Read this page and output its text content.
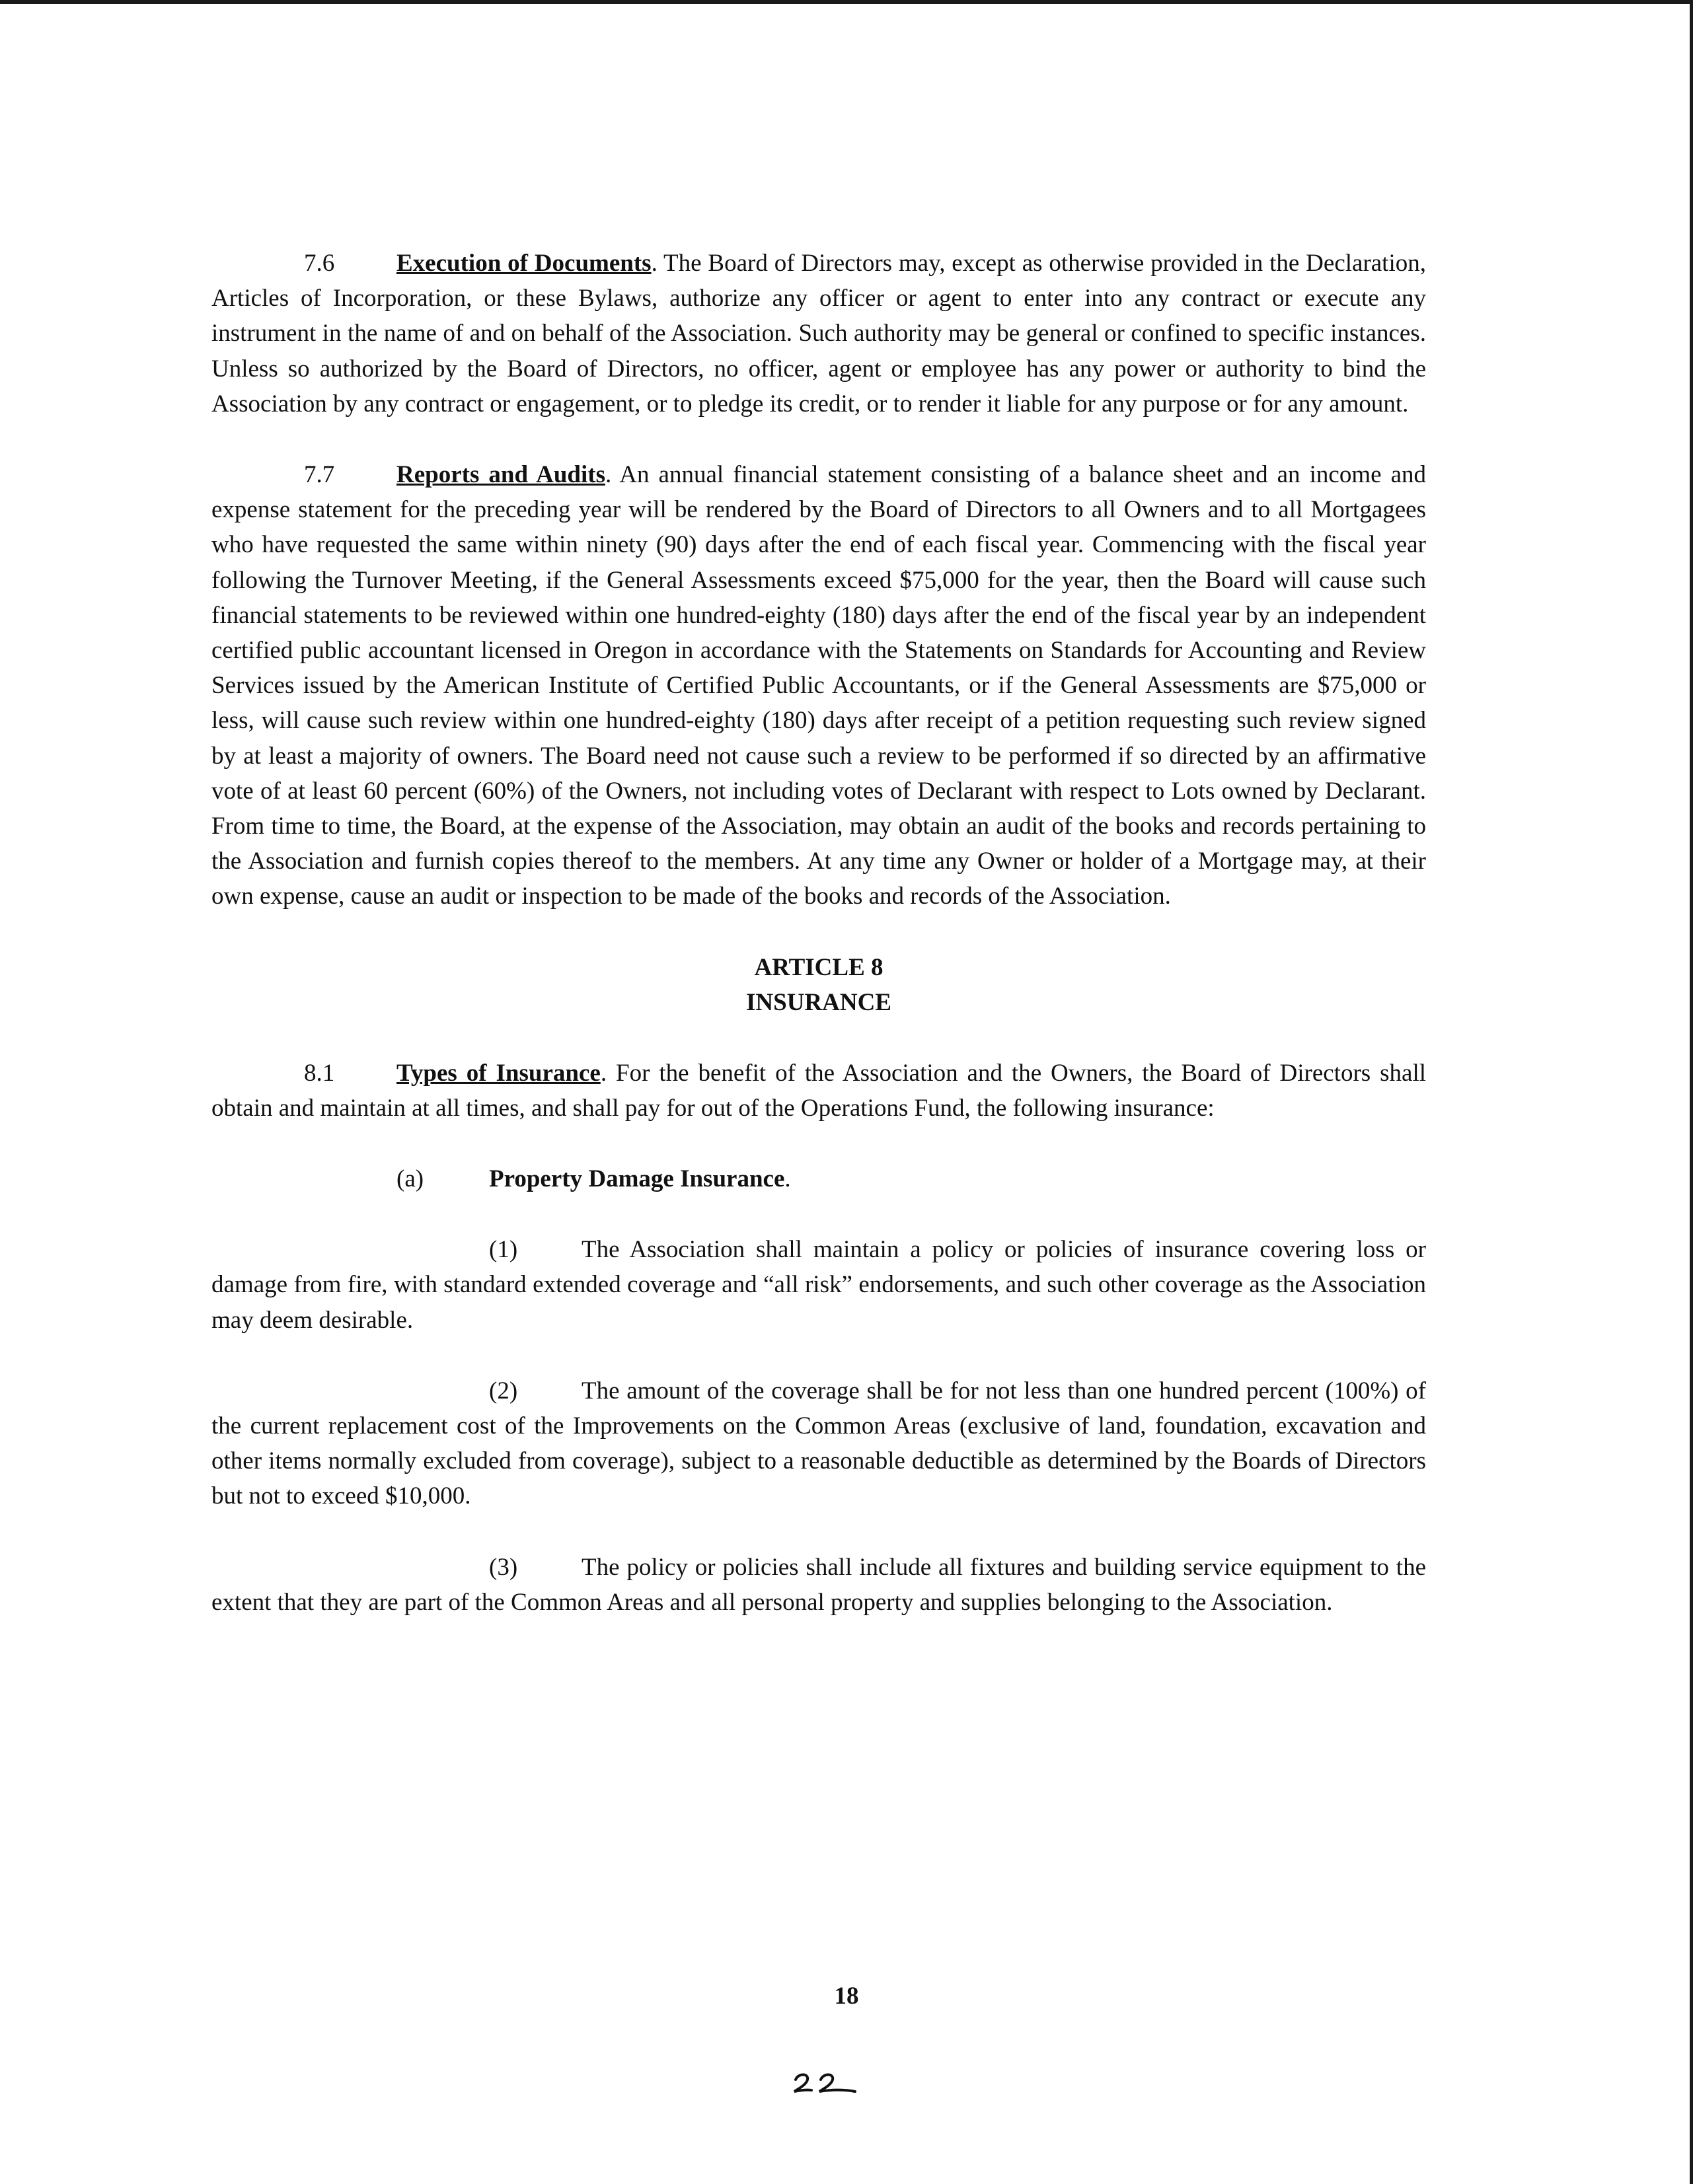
7.6	Execution of Documents. The Board of Directors may, except as otherwise provided in the Declaration, Articles of Incorporation, or these Bylaws, authorize any officer or agent to enter into any contract or execute any instrument in the name of and on behalf of the Association. Such authority may be general or confined to specific instances. Unless so authorized by the Board of Directors, no officer, agent or employee has any power or authority to bind the Association by any contract or engagement, or to pledge its credit, or to render it liable for any purpose or for any amount.

7.7	Reports and Audits. An annual financial statement consisting of a balance sheet and an income and expense statement for the preceding year will be rendered by the Board of Directors to all Owners and to all Mortgagees who have requested the same within ninety (90) days after the end of each fiscal year. Commencing with the fiscal year following the Turnover Meeting, if the General Assessments exceed $75,000 for the year, then the Board will cause such financial statements to be reviewed within one hundred-eighty (180) days after the end of the fiscal year by an independent certified public accountant licensed in Oregon in accordance with the Statements on Standards for Accounting and Review Services issued by the American Institute of Certified Public Accountants, or if the General Assessments are $75,000 or less, will cause such review within one hundred-eighty (180) days after receipt of a petition requesting such review signed by at least a majority of owners. The Board need not cause such a review to be performed if so directed by an affirmative vote of at least 60 percent (60%) of the Owners, not including votes of Declarant with respect to Lots owned by Declarant. From time to time, the Board, at the expense of the Association, may obtain an audit of the books and records pertaining to the Association and furnish copies thereof to the members. At any time any Owner or holder of a Mortgage may, at their own expense, cause an audit or inspection to be made of the books and records of the Association.

ARTICLE 8

INSURANCE

8.1	Types of Insurance. For the benefit of the Association and the Owners, the Board of Directors shall obtain and maintain at all times, and shall pay for out of the Operations Fund, the following insurance:

(a)	Property Damage Insurance.

(1)	The Association shall maintain a policy or policies of insurance covering loss or damage from fire, with standard extended coverage and “all risk” endorsements, and such other coverage as the Association may deem desirable.

(2)	The amount of the coverage shall be for not less than one hundred percent (100%) of the current replacement cost of the Improvements on the Common Areas (exclusive of land, foundation, excavation and other items normally excluded from coverage), subject to a reasonable deductible as determined by the Boards of Directors but not to exceed $10,000.

(3)	The policy or policies shall include all fixtures and building service equipment to the extent that they are part of the Common Areas and all personal property and supplies belonging to the Association.

18
